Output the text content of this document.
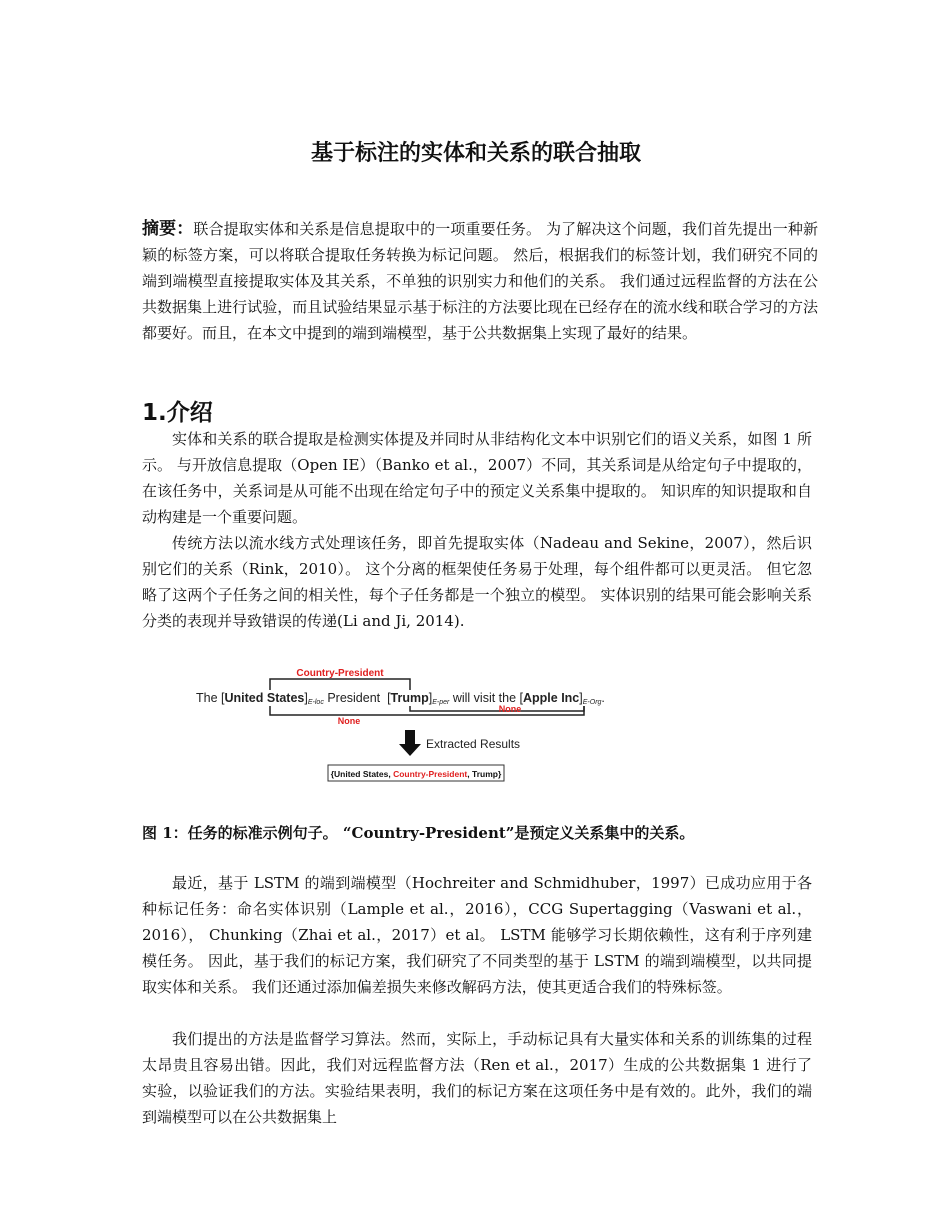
基于标注的实体和关系的联合抽取

摘要：联合提取实体和关系是信息提取中的一项重要任务。 为了解决这个问题，我们首先提出一种新颖的标签方案，可以将联合提取任务转换为标记问题。 然后，根据我们的标签计划，我们研究不同的端到端模型直接提取实体及其关系，不单独的识别实力和他们的关系。 我们通过远程监督的方法在公共数据集上进行试验，而且试验结果显示基于标注的方法要比现在已经存在的流水线和联合学习的方法都要好。而且，在本文中提到的端到端模型，基于公共数据集上实现了最好的结果。

1.介绍

实体和关系的联合提取是检测实体提及并同时从非结构化文本中识别它们的语义关系，如图 1 所示。 与开放信息提取（Open IE）（Banko et al.，2007）不同，其关系词是从给定句子中提取的，在该任务中，关系词是从可能不出现在给定句子中的预定义关系集中提取的。 知识库的知识提取和自动构建是一个重要问题。

传统方法以流水线方式处理该任务，即首先提取实体（Nadeau and Sekine，2007），然后识别它们的关系（Rink，2010）。 这个分离的框架使任务易于处理，每个组件都可以更灵活。 但它忽略了这两个子任务之间的相关性，每个子任务都是一个独立的模型。 实体识别的结果可能会影响关系分类的表现并导致错误的传递(Li and Ji, 2014).

Country-President
None
None
The [United States]E-loc President  [Trump]E-per will visit the [Apple Inc]E-Org.
Extracted Results
{United States, Country-President, Trump}

图 1：任务的标准示例句子。 “Country-President”是预定义关系集中的关系。

最近，基于 LSTM 的端到端模型（Hochreiter and Schmidhuber，1997）已成功应用于各种标记任务：命名实体识别（Lample et al.，2016），CCG Supertagging（Vaswani et al.，2016）， Chunking（Zhai et al.，2017）et al。 LSTM 能够学习长期依赖性，这有利于序列建模任务。 因此，基于我们的标记方案，我们研究了不同类型的基于 LSTM 的端到端模型，以共同提取实体和关系。 我们还通过添加偏差损失来修改解码方法，使其更适合我们的特殊标签。

我们提出的方法是监督学习算法。然而，实际上，手动标记具有大量实体和关系的训练集的过程太昂贵且容易出错。因此，我们对远程监督方法（Ren et al.，2017）生成的公共数据集 1 进行了实验，以验证我们的方法。实验结果表明，我们的标记方案在这项任务中是有效的。此外，我们的端到端模型可以在公共数据集上
